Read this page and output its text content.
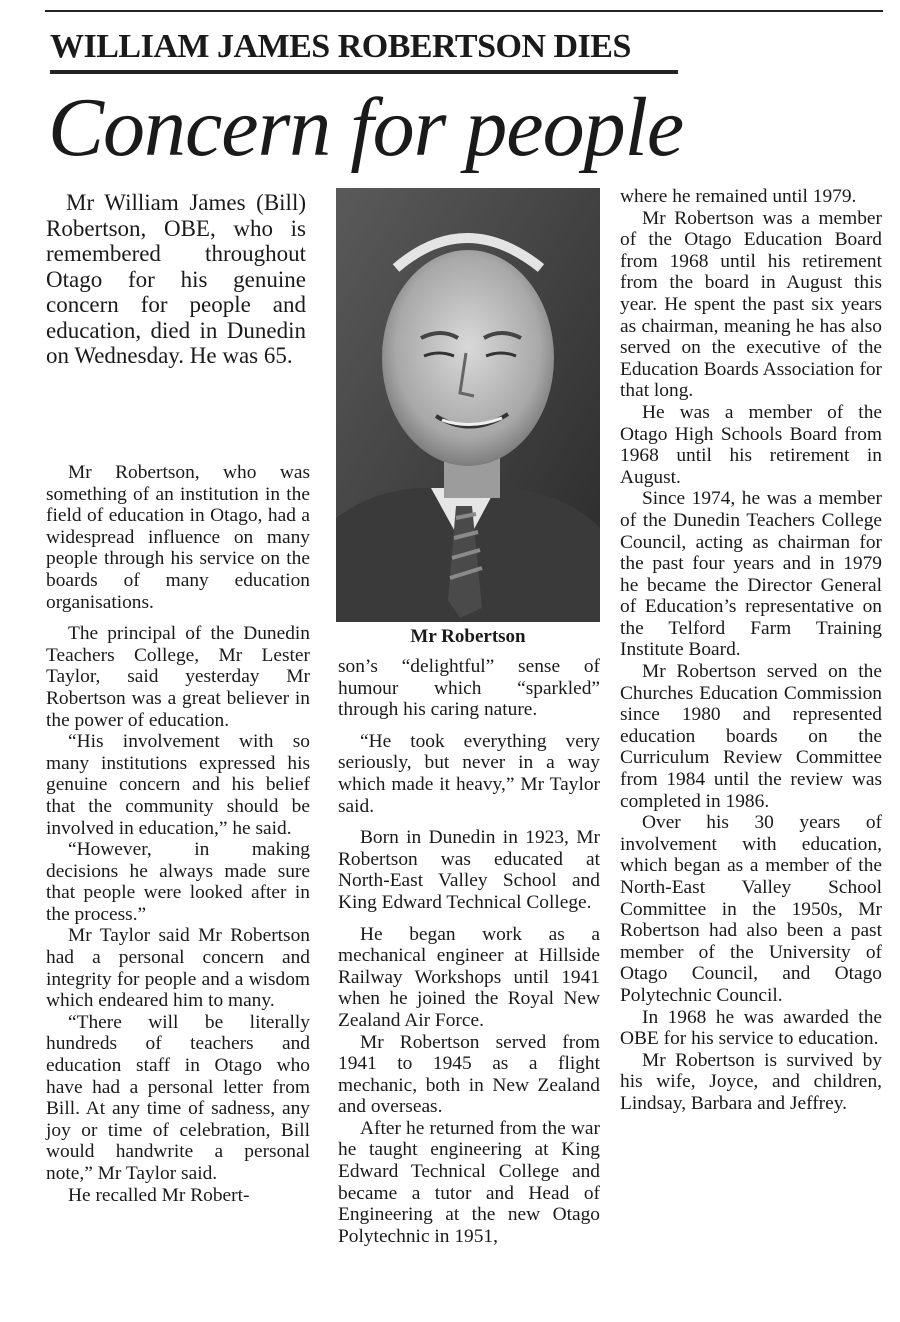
WILLIAM JAMES ROBERTSON DIES
Concern for people

Mr William James (Bill) Robertson, OBE, who is remembered throughout Otago for his genuine concern for people and education, died in Dunedin on Wednesday. He was 65.

Mr Robertson, who was something of an institution in the field of education in Otago, had a widespread influence on many people through his service on the boards of many education organisations.

The principal of the Dunedin Teachers College, Mr Lester Taylor, said yesterday Mr Robertson was a great believer in the power of education.

“His involvement with so many institutions expressed his genuine concern and his belief that the community should be involved in education,” he said.

“However, in making decisions he always made sure that people were looked after in the process.”

Mr Taylor said Mr Robertson had a personal concern and integrity for people and a wisdom which endeared him to many.

“There will be literally hundreds of teachers and education staff in Otago who have had a personal letter from Bill. At any time of sadness, any joy or time of celebration, Bill would handwrite a personal note,” Mr Taylor said.

He recalled Mr Robert-

Mr Robertson

son’s “delightful” sense of humour which “sparkled” through his caring nature.

“He took everything very seriously, but never in a way which made it heavy,” Mr Taylor said.

Born in Dunedin in 1923, Mr Robertson was educated at North-East Valley School and King Edward Technical College.

He began work as a mechanical engineer at Hillside Railway Workshops until 1941 when he joined the Royal New Zealand Air Force.

Mr Robertson served from 1941 to 1945 as a flight mechanic, both in New Zealand and overseas.

After he returned from the war he taught engineering at King Edward Technical College and became a tutor and Head of Engineering at the new Otago Polytechnic in 1951,

where he remained until 1979.

Mr Robertson was a member of the Otago Education Board from 1968 until his retirement from the board in August this year. He spent the past six years as chairman, meaning he has also served on the executive of the Education Boards Association for that long.

He was a member of the Otago High Schools Board from 1968 until his retirement in August.

Since 1974, he was a member of the Dunedin Teachers College Council, acting as chairman for the past four years and in 1979 he became the Director General of Education’s representative on the Telford Farm Training Institute Board.

Mr Robertson served on the Churches Education Commission since 1980 and represented education boards on the Curriculum Review Committee from 1984 until the review was completed in 1986.

Over his 30 years of involvement with education, which began as a member of the North-East Valley School Committee in the 1950s, Mr Robertson had also been a past member of the University of Otago Council, and Otago Polytechnic Council.

In 1968 he was awarded the OBE for his service to education.

Mr Robertson is survived by his wife, Joyce, and children, Lindsay, Barbara and Jeffrey.
